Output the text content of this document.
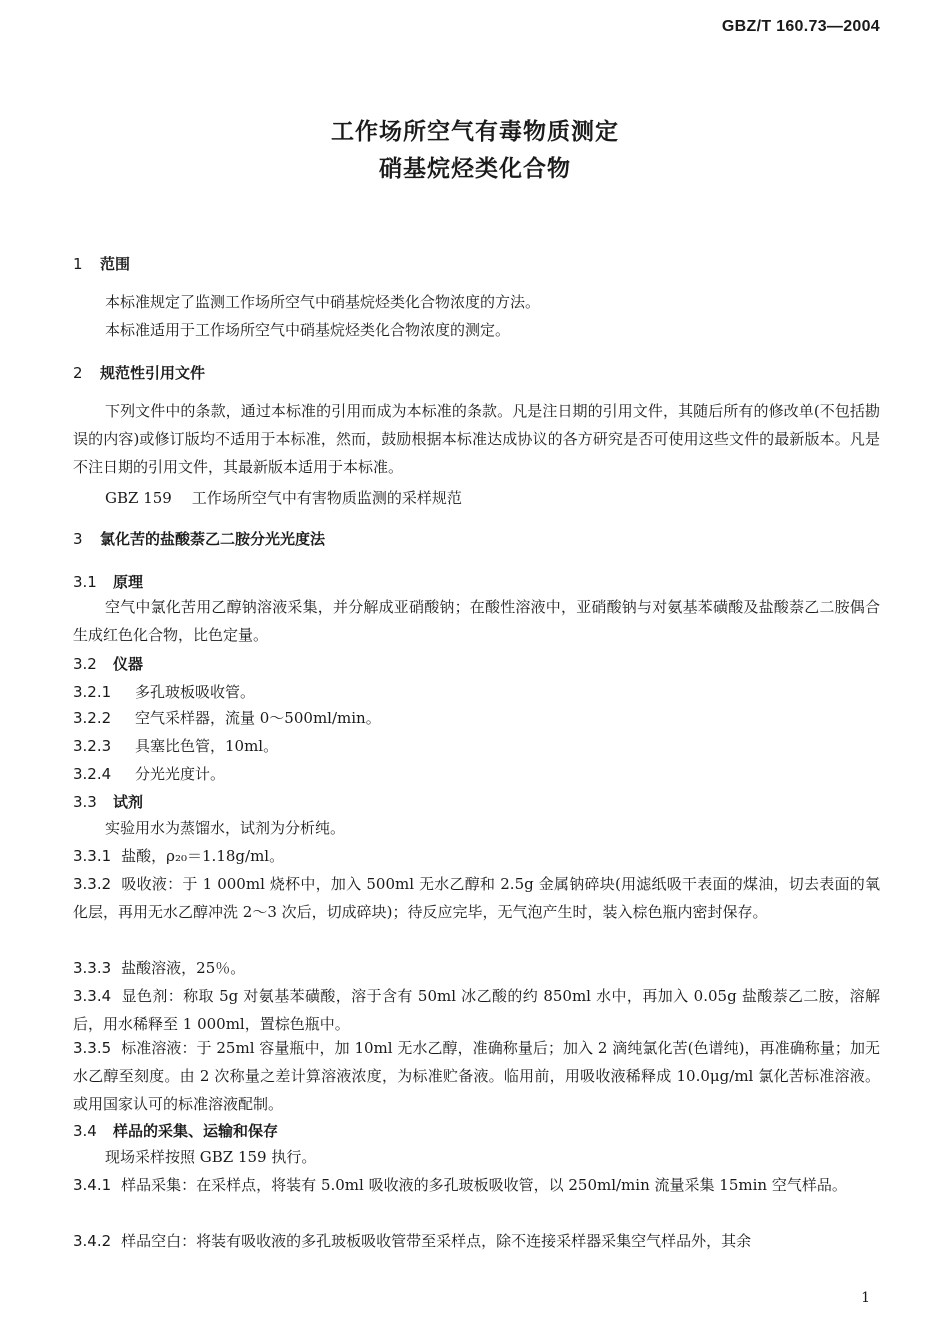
GBZ/T 160.73—2004
工作场所空气有毒物质测定
硝基烷烃类化合物
1 范围

本标准规定了监测工作场所空气中硝基烷烃类化合物浓度的方法。

本标准适用于工作场所空气中硝基烷烃类化合物浓度的测定。

2 规范性引用文件

下列文件中的条款，通过本标准的引用而成为本标准的条款。凡是注日期的引用文件，其随后所有的修改单(不包括勘误的内容)或修订版均不适用于本标准，然而，鼓励根据本标准达成协议的各方研究是否可使用这些文件的最新版本。凡是不注日期的引用文件，其最新版本适用于本标准。

GBZ 159 工作场所空气中有害物质监测的采样规范
3 氯化苦的盐酸萘乙二胺分光光度法
3.1 原理

空气中氯化苦用乙醇钠溶液采集，并分解成亚硝酸钠；在酸性溶液中，亚硝酸钠与对氨基苯磺酸及盐酸萘乙二胺偶合生成红色化合物，比色定量。

3.2 仪器
3.2.1 多孔玻板吸收管。
3.2.2 空气采样器，流量 0～500ml/min。
3.2.3 具塞比色管，10ml。
3.2.4 分光光度计。
3.3 试剂

实验用水为蒸馏水，试剂为分析纯。

3.3.1 盐酸，ρ₂₀＝1.18g/ml。

3.3.2 吸收液：于 1 000ml 烧杯中，加入 500ml 无水乙醇和 2.5g 金属钠碎块(用滤纸吸干表面的煤油，切去表面的氧化层，再用无水乙醇冲洗 2～3 次后，切成碎块)；待反应完毕，无气泡产生时，装入棕色瓶内密封保存。

3.3.3 盐酸溶液，25％。

3.3.4 显色剂：称取 5g 对氨基苯磺酸，溶于含有 50ml 冰乙酸的约 850ml 水中，再加入 0.05g 盐酸萘乙二胺，溶解后，用水稀释至 1 000ml，置棕色瓶中。

3.3.5 标准溶液：于 25ml 容量瓶中，加 10ml 无水乙醇，准确称量后；加入 2 滴纯氯化苦(色谱纯)，再准确称量；加无水乙醇至刻度。由 2 次称量之差计算溶液浓度，为标准贮备液。临用前，用吸收液稀释成 10.0μg/ml 氯化苦标准溶液。或用国家认可的标准溶液配制。

3.4 样品的采集、运输和保存

现场采样按照 GBZ 159 执行。

3.4.1 样品采集：在采样点，将装有 5.0ml 吸收液的多孔玻板吸收管，以 250ml/min 流量采集 15min 空气样品。

3.4.2 样品空白：将装有吸收液的多孔玻板吸收管带至采样点，除不连接采样器采集空气样品外，其余

1
